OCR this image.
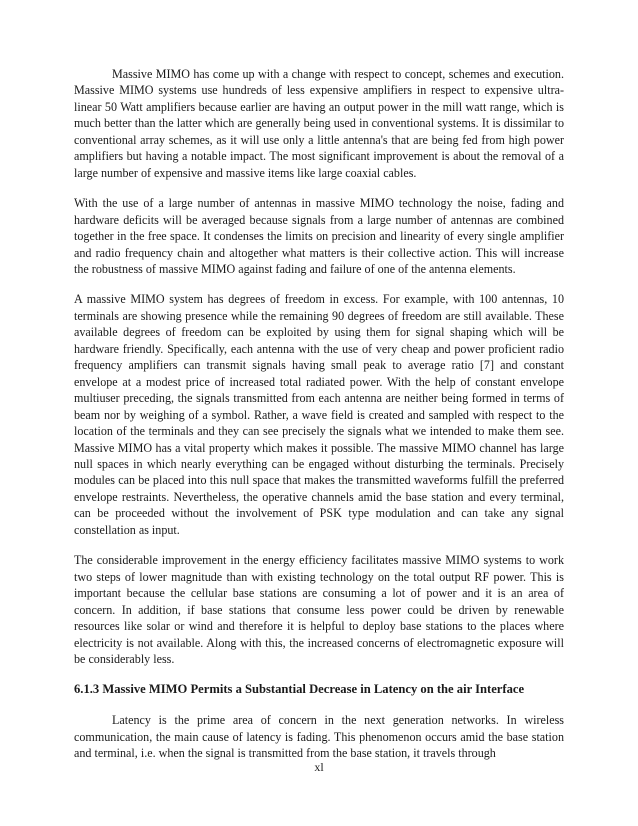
Massive MIMO has come up with a change with respect to concept, schemes and execution. Massive MIMO systems use hundreds of less expensive amplifiers in respect to expensive ultra-linear 50 Watt amplifiers because earlier are having an output power in the mill watt range, which is much better than the latter which are generally being used in conventional systems. It is dissimilar to conventional array schemes, as it will use only a little antenna's that are being fed from high power amplifiers but having a notable impact. The most significant improvement is about the removal of a large number of expensive and massive items like large coaxial cables.

With the use of a large number of antennas in massive MIMO technology the noise, fading and hardware deficits will be averaged because signals from a large number of antennas are combined together in the free space. It condenses the limits on precision and linearity of every single amplifier and radio frequency chain and altogether what matters is their collective action. This will increase the robustness of massive MIMO against fading and failure of one of the antenna elements.

A massive MIMO system has degrees of freedom in excess. For example, with 100 antennas, 10 terminals are showing presence while the remaining 90 degrees of freedom are still available. These available degrees of freedom can be exploited by using them for signal shaping which will be hardware friendly. Specifically, each antenna with the use of very cheap and power proficient radio frequency amplifiers can transmit signals having small peak to average ratio [7] and constant envelope at a modest price of increased total radiated power. With the help of constant envelope multiuser preceding, the signals transmitted from each antenna are neither being formed in terms of beam nor by weighing of a symbol. Rather, a wave field is created and sampled with respect to the location of the terminals and they can see precisely the signals what we intended to make them see. Massive MIMO has a vital property which makes it possible. The massive MIMO channel has large null spaces in which nearly everything can be engaged without disturbing the terminals. Precisely modules can be placed into this null space that makes the transmitted waveforms fulfill the preferred envelope restraints. Nevertheless, the operative channels amid the base station and every terminal, can be proceeded without the involvement of PSK type modulation and can take any signal constellation as input.

The considerable improvement in the energy efficiency facilitates massive MIMO systems to work two steps of lower magnitude than with existing technology on the total output RF power. This is important because the cellular base stations are consuming a lot of power and it is an area of concern. In addition, if base stations that consume less power could be driven by renewable resources like solar or wind and therefore it is helpful to deploy base stations to the places where electricity is not available. Along with this, the increased concerns of electromagnetic exposure will be considerably less.

6.1.3 Massive MIMO Permits a Substantial Decrease in Latency on the air Interface

Latency is the prime area of concern in the next generation networks. In wireless communication, the main cause of latency is fading. This phenomenon occurs amid the base station and terminal, i.e. when the signal is transmitted from the base station, it travels through

xl
